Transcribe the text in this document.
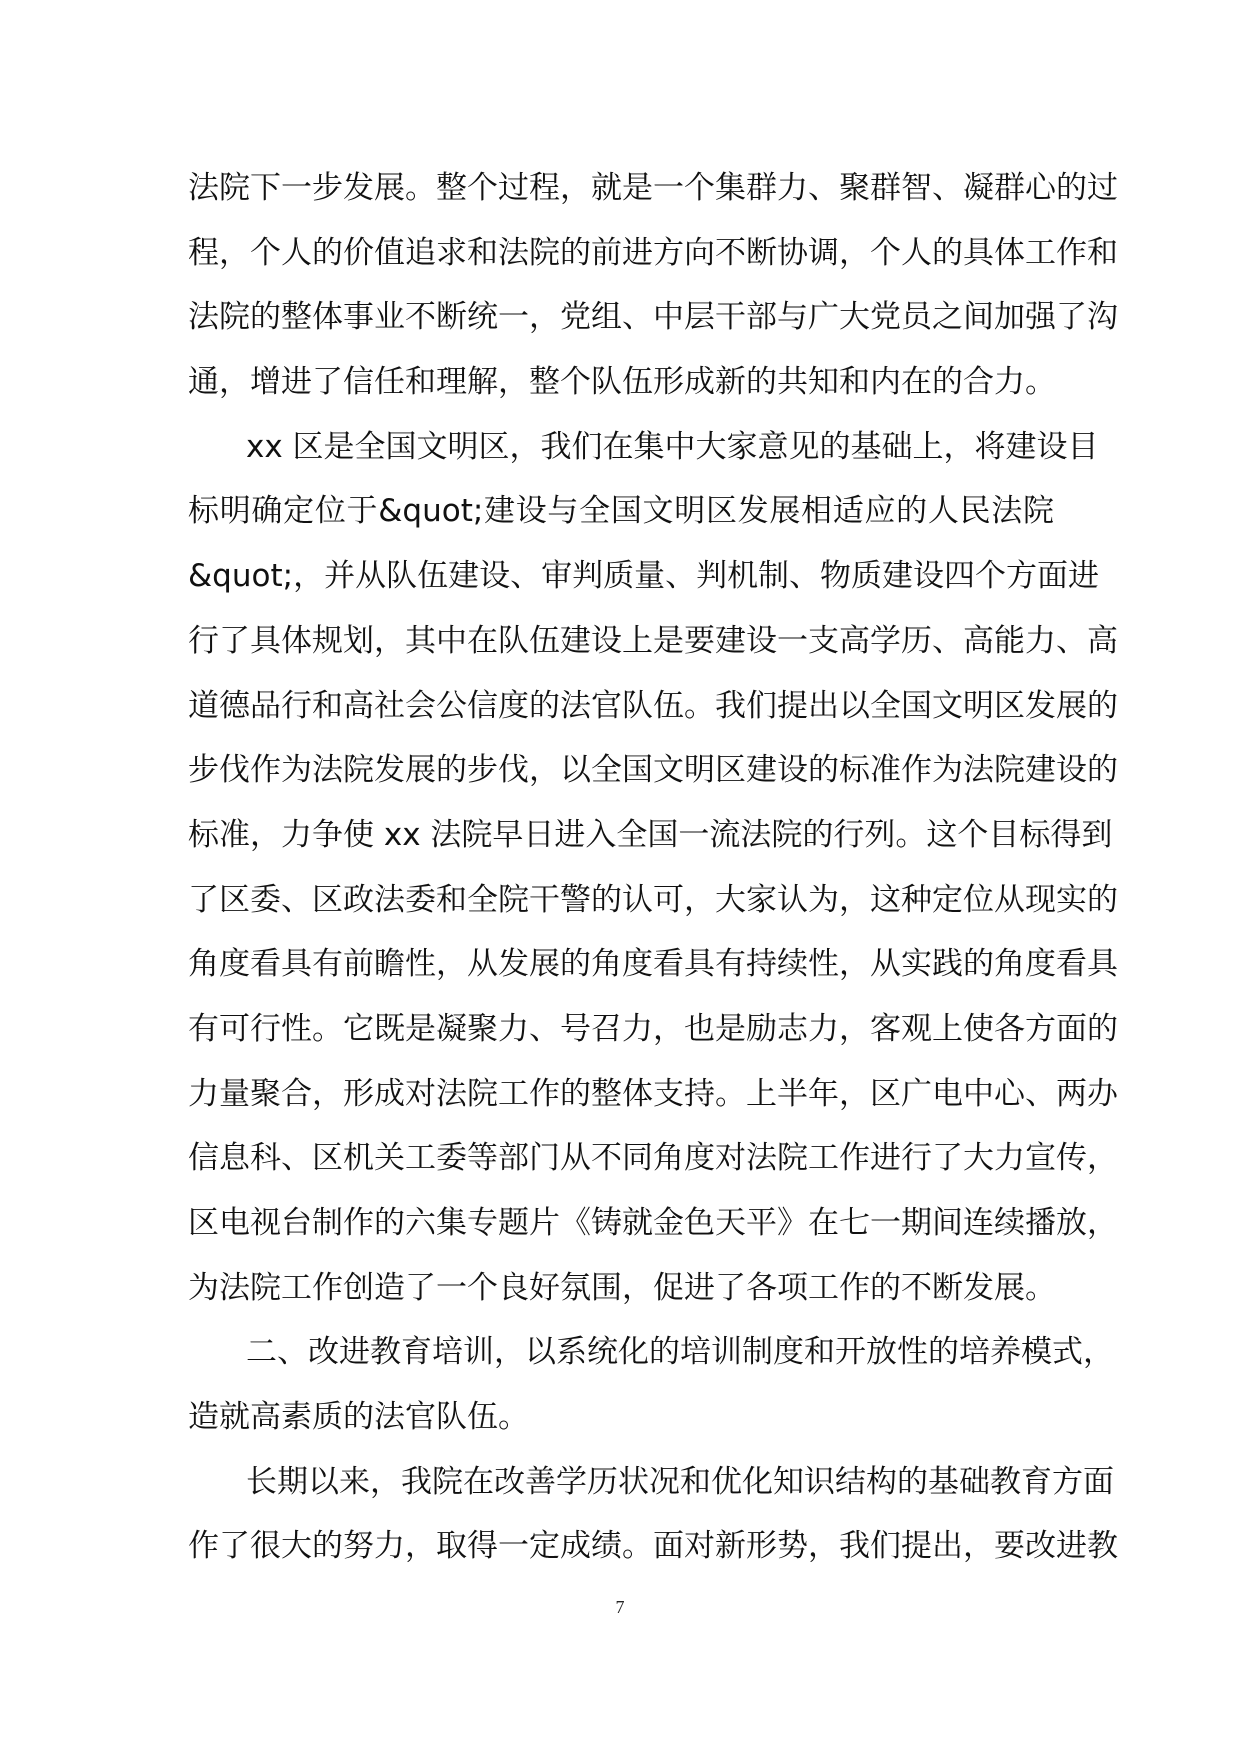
法院下一步发展。整个过程，就是一个集群力、聚群智、凝群心的过
程，个人的价值追求和法院的前进方向不断协调，个人的具体工作和
法院的整体事业不断统一，党组、中层干部与广大党员之间加强了沟
通，增进了信任和理解，整个队伍形成新的共知和内在的合力。
xx 区是全国文明区，我们在集中大家意见的基础上，将建设目
标明确定位于&quot;建设与全国文明区发展相适应的人民法院
&quot;，并从队伍建设、审判质量、判机制、物质建设四个方面进
行了具体规划，其中在队伍建设上是要建设一支高学历、高能力、高
道德品行和高社会公信度的法官队伍。我们提出以全国文明区发展的
步伐作为法院发展的步伐，以全国文明区建设的标准作为法院建设的
标准，力争使 xx 法院早日进入全国一流法院的行列。这个目标得到
了区委、区政法委和全院干警的认可，大家认为，这种定位从现实的
角度看具有前瞻性，从发展的角度看具有持续性，从实践的角度看具
有可行性。它既是凝聚力、号召力，也是励志力，客观上使各方面的
力量聚合，形成对法院工作的整体支持。上半年，区广电中心、两办
信息科、区机关工委等部门从不同角度对法院工作进行了大力宣传，
区电视台制作的六集专题片《铸就金色天平》在七一期间连续播放，
为法院工作创造了一个良好氛围，促进了各项工作的不断发展。
二、改进教育培训，以系统化的培训制度和开放性的培养模式，
造就高素质的法官队伍。
长期以来，我院在改善学历状况和优化知识结构的基础教育方面
作了很大的努力，取得一定成绩。面对新形势，我们提出，要改进教
7
